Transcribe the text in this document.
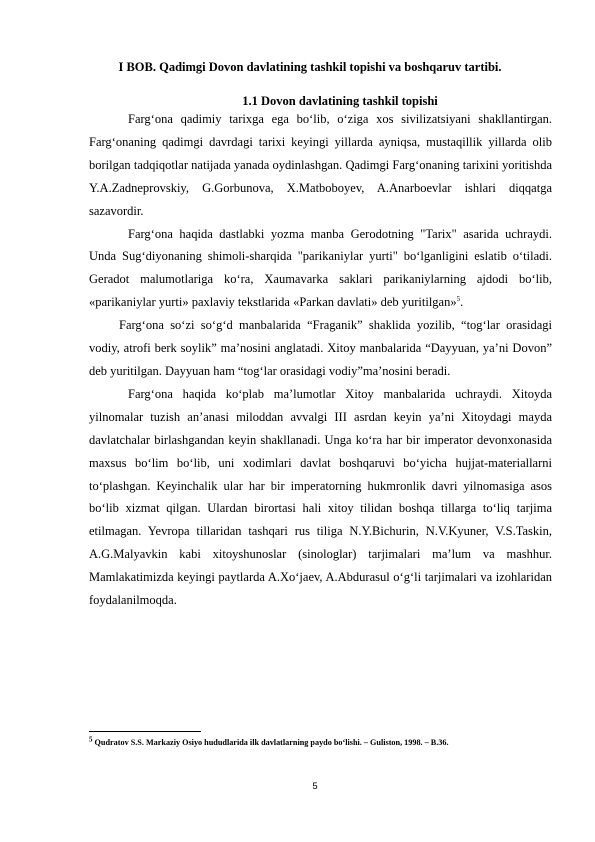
I BOB. Qadimgi Dovon davlatining tashkil topishi va boshqaruv tartibi.
1.1 Dovon davlatining tashkil topishi

Farg‘ona qadimiy tarixga ega bo‘lib, o‘ziga xos sivilizatsiyani shakllantirgan. Farg‘onaning qadimgi davrdagi tarixi keyingi yillarda ayniqsa, mustaqillik yillarda olib borilgan tadqiqotlar natijada yanada oydinlashgan. Qadimgi Farg‘onaning tarixini yoritishda Y.A.Zadneprovskiy, G.Gorbunova, X.Matboboyev, A.Anarboevlar ishlari diqqatga sazavordir.

Farg‘ona haqida dastlabki yozma manba Gerodotning "Tarix" asarida uchraydi. Unda Sug‘diyonaning shimoli-sharqida "parikaniylar yurti" bo‘lganligini eslatib o‘tiladi. Geradot malumotlariga ko‘ra, Xaumavarka saklari parikaniylarning ajdodi bo‘lib, «parikaniylar yurti» paxlaviy tekstlarida «Parkan davlati» deb yuritilgan»$^5$.

Farg‘ona so‘zi so‘g‘d manbalarida “Fraganik” shaklida yozilib, “tog‘lar orasidagi vodiy, atrofi berk soylik” ma’nosini anglatadi. Xitoy manbalarida “Dayyuan, ya’ni Dovon” deb yuritilgan. Dayyuan ham “tog‘lar orasidagi vodiy”ma’nosini beradi.

Farg‘ona haqida ko‘plab ma’lumotlar Xitoy manbalarida uchraydi. Xitoyda yilnomalar tuzish an’anasi miloddan avvalgi III asrdan keyin ya’ni Xitoydagi mayda davlatchalar birlashgandan keyin shakllanadi. Unga ko‘ra har bir imperator devonxonasida maxsus bo‘lim bo‘lib, uni xodimlari davlat boshqaruvi bo‘yicha hujjat-materiallarni to‘plashgan. Keyinchalik ular har bir imperatorning hukmronlik davri yilnomasiga asos bo‘lib xizmat qilgan. Ulardan birortasi hali xitoy tilidan boshqa tillarga to‘liq tarjima etilmagan. Yevropa tillaridan tashqari rus tiliga N.Y.Bichurin, N.V.Kyuner, V.S.Taskin, A.G.Malyavkin kabi xitoyshunoslar (sinologlar) tarjimalari ma’lum va mashhur. Mamlakatimizda keyingi paytlarda A.Xo‘jaev, A.Abdurasul o‘g‘li tarjimalari va izohlaridan foydalanilmoqda.

$^5$ Qudratov S.S. Markaziy Osiyo hududlarida ilk davlatlarning paydo bo‘lishi. – Guliston, 1998. – B.36.
5
